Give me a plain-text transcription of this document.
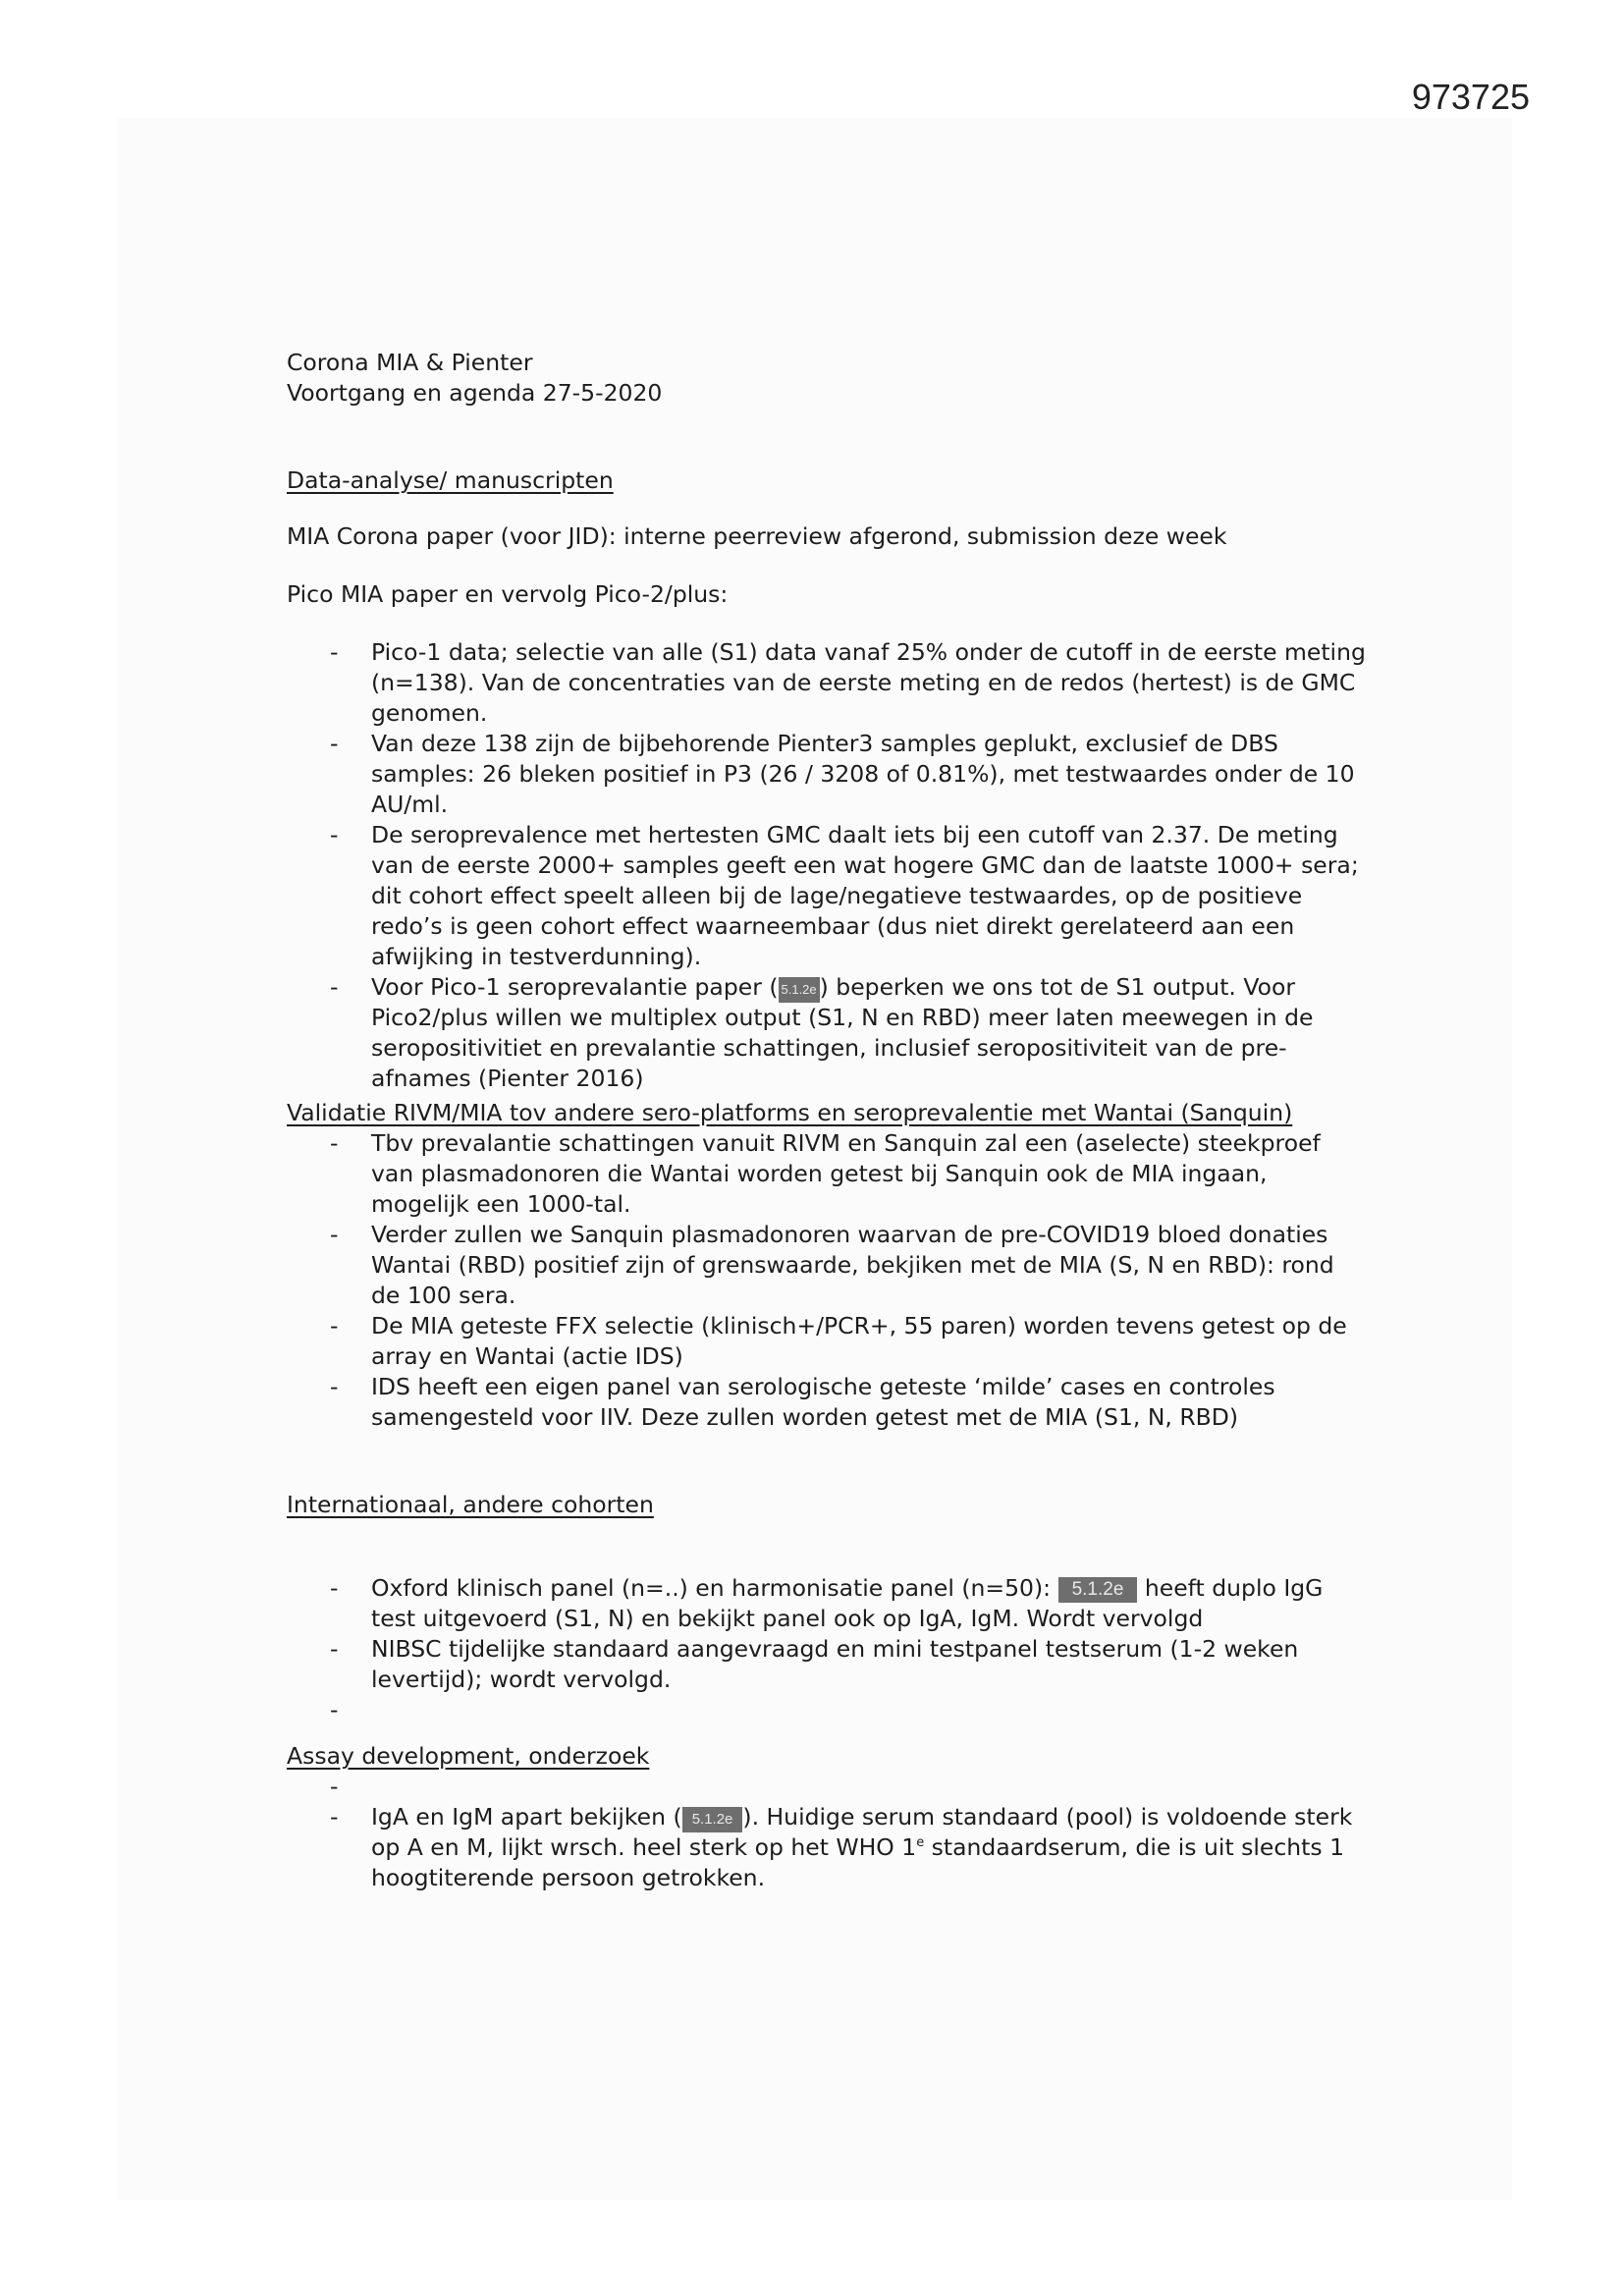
973725
Corona MIA & Pienter
Voortgang en agenda 27-5-2020
Data-analyse/ manuscripten

MIA Corona paper (voor JID): interne peerreview afgerond, submission deze week

Pico MIA paper en vervolg Pico-2/plus:

- Pico-1 data; selectie van alle (S1) data vanaf 25% onder de cutoff in de eerste meting (n=138). Van de concentraties van de eerste meting en de redos (hertest) is de GMC genomen.
- Van deze 138 zijn de bijbehorende Pienter3 samples geplukt, exclusief de DBS samples: 26 bleken positief in P3 (26 / 3208 of 0.81%), met testwaardes onder de 10 AU/ml.
- De seroprevalence met hertesten GMC daalt iets bij een cutoff van 2.37. De meting van de eerste 2000+ samples geeft een wat hogere GMC dan de laatste 1000+ sera; dit cohort effect speelt alleen bij de lage/negatieve testwaardes, op de positieve redo’s is geen cohort effect waarneembaar (dus niet direkt gerelateerd aan een afwijking in testverdunning).
- Voor Pico-1 seroprevalantie paper ( 5.1.2e ) beperken we ons tot de S1 output. Voor Pico2/plus willen we multiplex output (S1, N en RBD) meer laten meewegen in de seropositivitiet en prevalantie schattingen, inclusief seropositiviteit van de pre-afnames (Pienter 2016)
Validatie RIVM/MIA tov andere sero-platforms en seroprevalentie met Wantai (Sanquin)
- Tbv prevalantie schattingen vanuit RIVM en Sanquin zal een (aselecte) steekproef van plasmadonoren die Wantai worden getest bij Sanquin ook de MIA ingaan, mogelijk een 1000-tal.
- Verder zullen we Sanquin plasmadonoren waarvan de pre-COVID19 bloed donaties Wantai (RBD) positief zijn of grenswaarde, bekjiken met de MIA (S, N en RBD): rond de 100 sera.
- De MIA geteste FFX selectie (klinisch+/PCR+, 55 paren) worden tevens getest op de array en Wantai (actie IDS)
- IDS heeft een eigen panel van serologische geteste ‘milde’ cases en controles samengesteld voor IIV. Deze zullen worden getest met de MIA (S1, N, RBD)
Internationaal, andere cohorten
- Oxford klinisch panel (n=..) en harmonisatie panel (n=50): 5.1.2e heeft duplo IgG test uitgevoerd (S1, N) en bekijkt panel ook op IgA, IgM. Wordt vervolgd
- NIBSC tijdelijke standaard aangevraagd en mini testpanel testserum (1-2 weken levertijd); wordt vervolgd.
-
Assay development, onderzoek
-
- IgA en IgM apart bekijken ( 5.1.2e ). Huidige serum standaard (pool) is voldoende sterk op A en M, lijkt wrsch. heel sterk op het WHO 1e standaardserum, die is uit slechts 1 hoogtiterende persoon getrokken.
